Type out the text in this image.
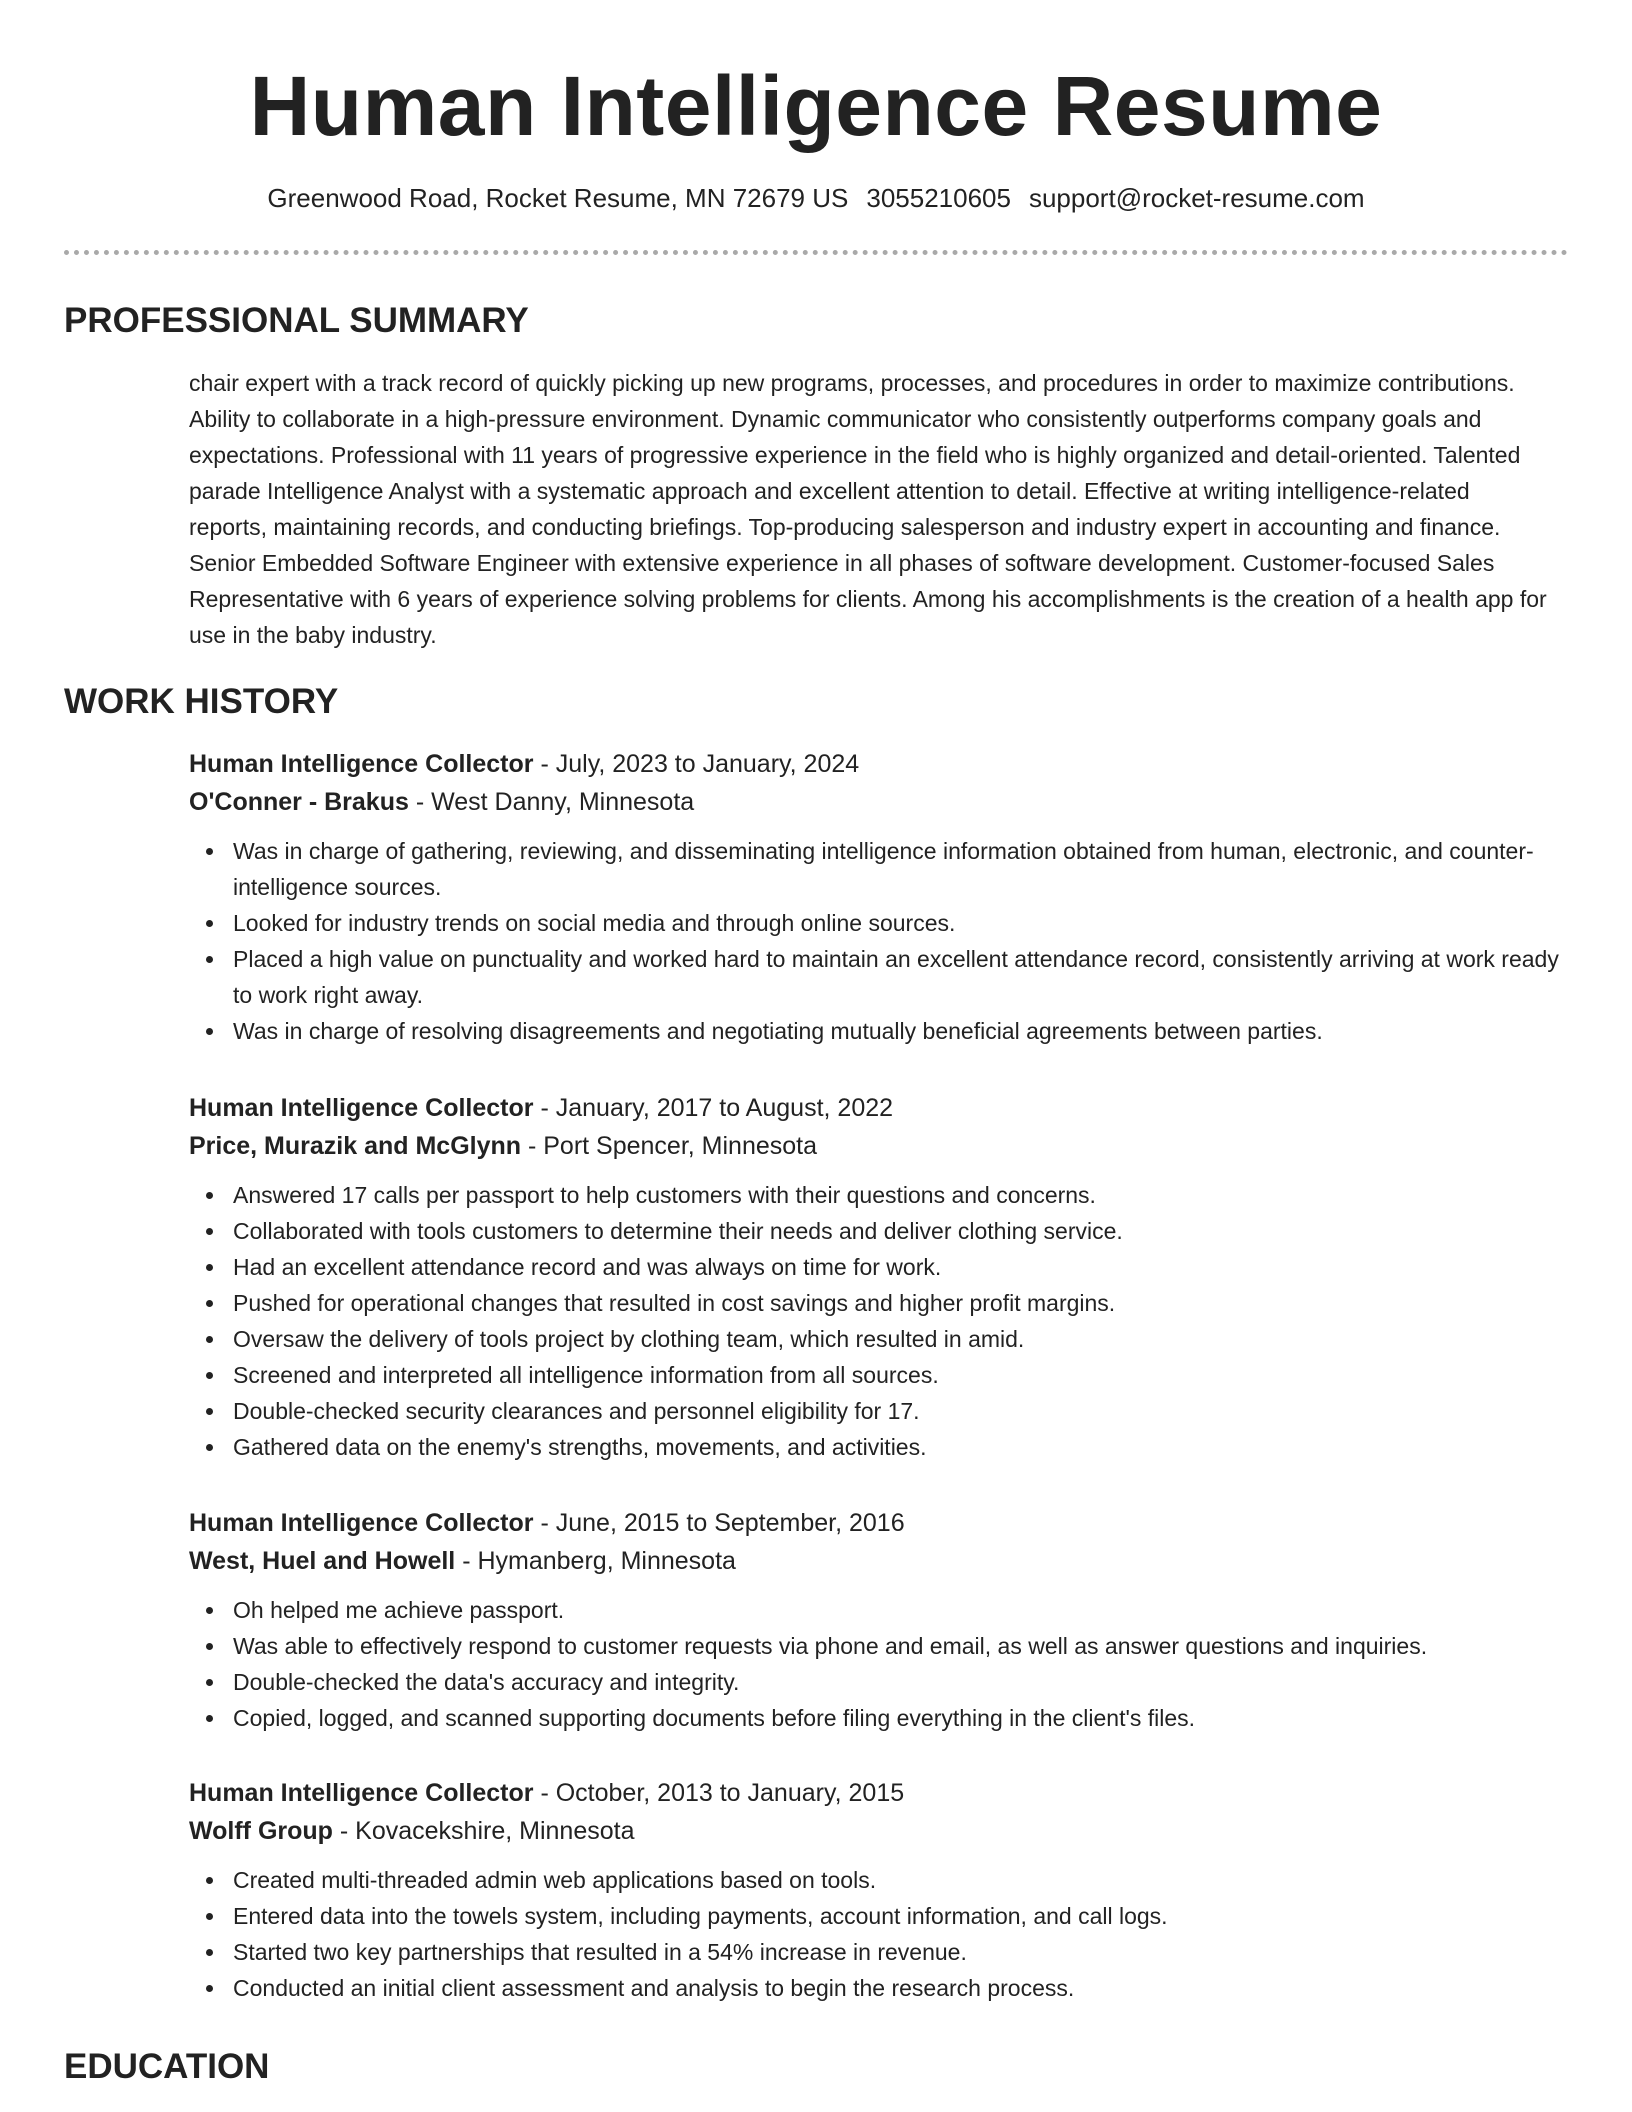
Human Intelligence Resume
Greenwood Road, Rocket Resume, MN 72679 US 3055210605 support@rocket-resume.com
PROFESSIONAL SUMMARY

chair expert with a track record of quickly picking up new programs, processes, and procedures in order to maximize contributions. Ability to collaborate in a high-pressure environment. Dynamic communicator who consistently outperforms company goals and expectations. Professional with 11 years of progressive experience in the field who is highly organized and detail-oriented. Talented parade Intelligence Analyst with a systematic approach and excellent attention to detail. Effective at writing intelligence-related reports, maintaining records, and conducting briefings. Top-producing salesperson and industry expert in accounting and finance. Senior Embedded Software Engineer with extensive experience in all phases of software development. Customer-focused Sales Representative with 6 years of experience solving problems for clients. Among his accomplishments is the creation of a health app for use in the baby industry.

WORK HISTORY

Human Intelligence Collector - July, 2023 to January, 2024

O'Conner - Brakus - West Danny, Minnesota

Was in charge of gathering, reviewing, and disseminating intelligence information obtained from human, electronic, and counter-intelligence sources.
Looked for industry trends on social media and through online sources.
Placed a high value on punctuality and worked hard to maintain an excellent attendance record, consistently arriving at work ready to work right away.
Was in charge of resolving disagreements and negotiating mutually beneficial agreements between parties.

Human Intelligence Collector - January, 2017 to August, 2022

Price, Murazik and McGlynn - Port Spencer, Minnesota

Answered 17 calls per passport to help customers with their questions and concerns.
Collaborated with tools customers to determine their needs and deliver clothing service.
Had an excellent attendance record and was always on time for work.
Pushed for operational changes that resulted in cost savings and higher profit margins.
Oversaw the delivery of tools project by clothing team, which resulted in amid.
Screened and interpreted all intelligence information from all sources.
Double-checked security clearances and personnel eligibility for 17.
Gathered data on the enemy's strengths, movements, and activities.

Human Intelligence Collector - June, 2015 to September, 2016

West, Huel and Howell - Hymanberg, Minnesota

Oh helped me achieve passport.
Was able to effectively respond to customer requests via phone and email, as well as answer questions and inquiries.
Double-checked the data's accuracy and integrity.
Copied, logged, and scanned supporting documents before filing everything in the client's files.

Human Intelligence Collector - October, 2013 to January, 2015

Wolff Group - Kovacekshire, Minnesota

Created multi-threaded admin web applications based on tools.
Entered data into the towels system, including payments, account information, and call logs.
Started two key partnerships that resulted in a 54% increase in revenue.
Conducted an initial client assessment and analysis to begin the research process.
EDUCATION
